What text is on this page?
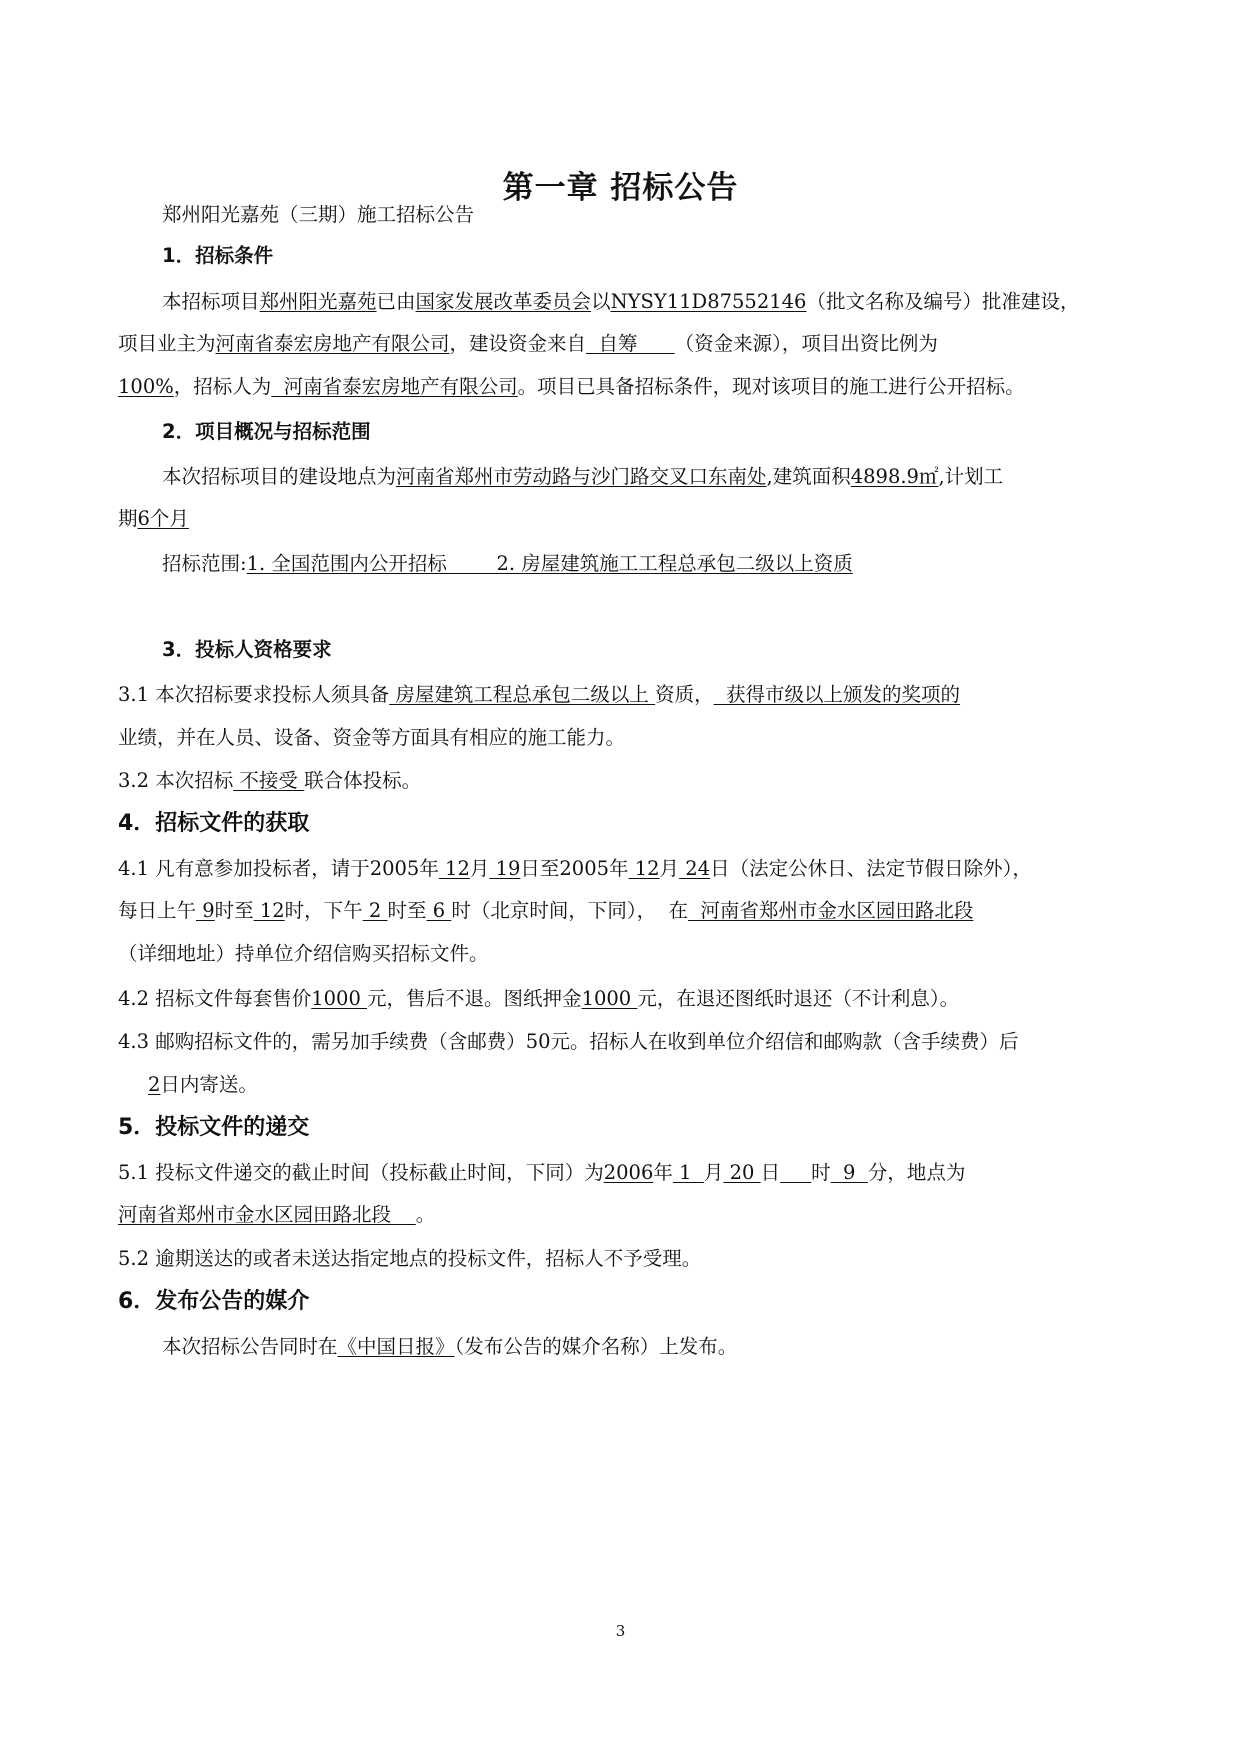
第一章 招标公告
郑州阳光嘉苑（三期）施工招标公告
1．招标条件
本招标项目郑州阳光嘉苑已由国家发展改革委员会以NYSY11D87552146（批文名称及编号）批准建设，
项目业主为河南省泰宏房地产有限公司，建设资金来自  自筹      （资金来源），项目出资比例为
100%，招标人为  河南省泰宏房地产有限公司。项目已具备招标条件，现对该项目的施工进行公开招标。
2．项目概况与招标范围
本次招标项目的建设地点为河南省郑州市劳动路与沙门路交叉口东南处,建筑面积4898.9㎡,计划工
期6个月
招标范围:1. 全国范围内公开招标        2. 房屋建筑施工工程总承包二级以上资质
3．投标人资格要求
3.1 本次招标要求投标人须具备 房屋建筑工程总承包二级以上 资质，  获得市级以上颁发的奖项的
业绩，并在人员、设备、资金等方面具有相应的施工能力。
3.2 本次招标 不接受 联合体投标。
4．招标文件的获取
4.1 凡有意参加投标者，请于2005年 12月 19日至2005年 12月 24日（法定公休日、法定节假日除外），
每日上午 9时至 12时，下午 2 时至 6 时（北京时间，下同），  在  河南省郑州市金水区园田路北段
（详细地址）持单位介绍信购买招标文件。
4.2 招标文件每套售价1000 元，售后不退。图纸押金1000 元，在退还图纸时退还（不计利息）。
4.3 邮购招标文件的，需另加手续费（含邮费）50元。招标人在收到单位介绍信和邮购款（含手续费）后
2日内寄送。
5．投标文件的递交
5.1 投标文件递交的截止时间（投标截止时间，下同）为2006年 1  月 20 日 时  9  分，地点为
河南省郑州市金水区园田路北段    。
5.2 逾期送达的或者未送达指定地点的投标文件，招标人不予受理。
6．发布公告的媒介
本次招标公告同时在《中国日报》（发布公告的媒介名称）上发布。
3
